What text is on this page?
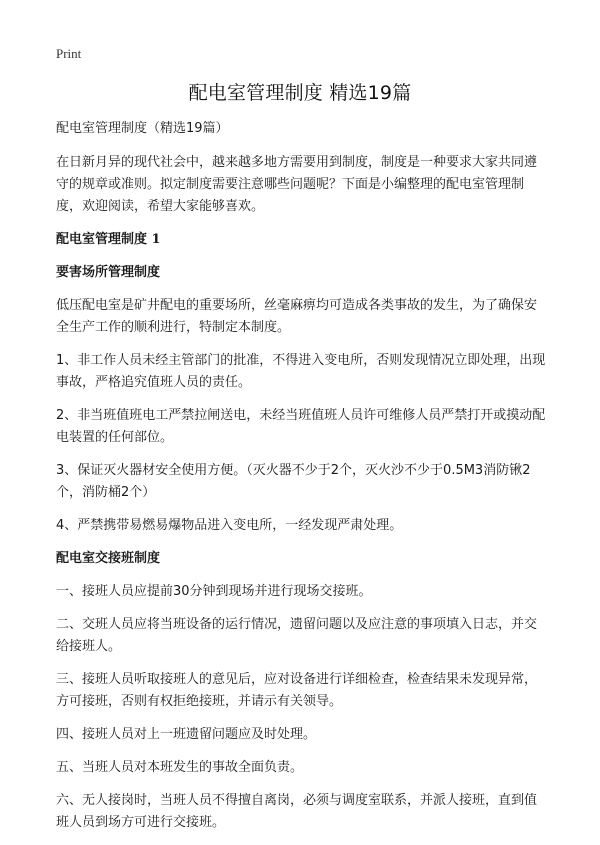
Print
配电室管理制度 精选19篇

配电室管理制度（精选19篇）

在日新月异的现代社会中，越来越多地方需要用到制度，制度是一种要求大家共同遵守的规章或准则。拟定制度需要注意哪些问题呢？下面是小编整理的配电室管理制度，欢迎阅读，希望大家能够喜欢。

配电室管理制度 1

要害场所管理制度

低压配电室是矿井配电的重要场所，丝毫麻痹均可造成各类事故的发生，为了确保安全生产工作的顺利进行，特制定本制度。

1、非工作人员未经主管部门的批准，不得进入变电所，否则发现情况立即处理，出现事故，严格追究值班人员的责任。

2、非当班值班电工严禁拉闸送电，未经当班值班人员许可维修人员严禁打开或摸动配电装置的任何部位。

3、保证灭火器材安全使用方便。（灭火器不少于2个，灭火沙不少于0.5M3消防锹2个，消防桶2个）

4、严禁携带易燃易爆物品进入变电所，一经发现严肃处理。

配电室交接班制度

一、接班人员应提前30分钟到现场并进行现场交接班。

二、交班人员应将当班设备的运行情况，遗留问题以及应注意的事项填入日志，并交给接班人。

三、接班人员听取接班人的意见后，应对设备进行详细检查，检查结果未发现异常，方可接班，否则有权拒绝接班，并请示有关领导。

四、接班人员对上一班遗留问题应及时处理。

五、当班人员对本班发生的事故全面负责。

六、无人接岗时，当班人员不得擅自离岗，必须与调度室联系，并派人接班，直到值班人员到场方可进行交接班。
